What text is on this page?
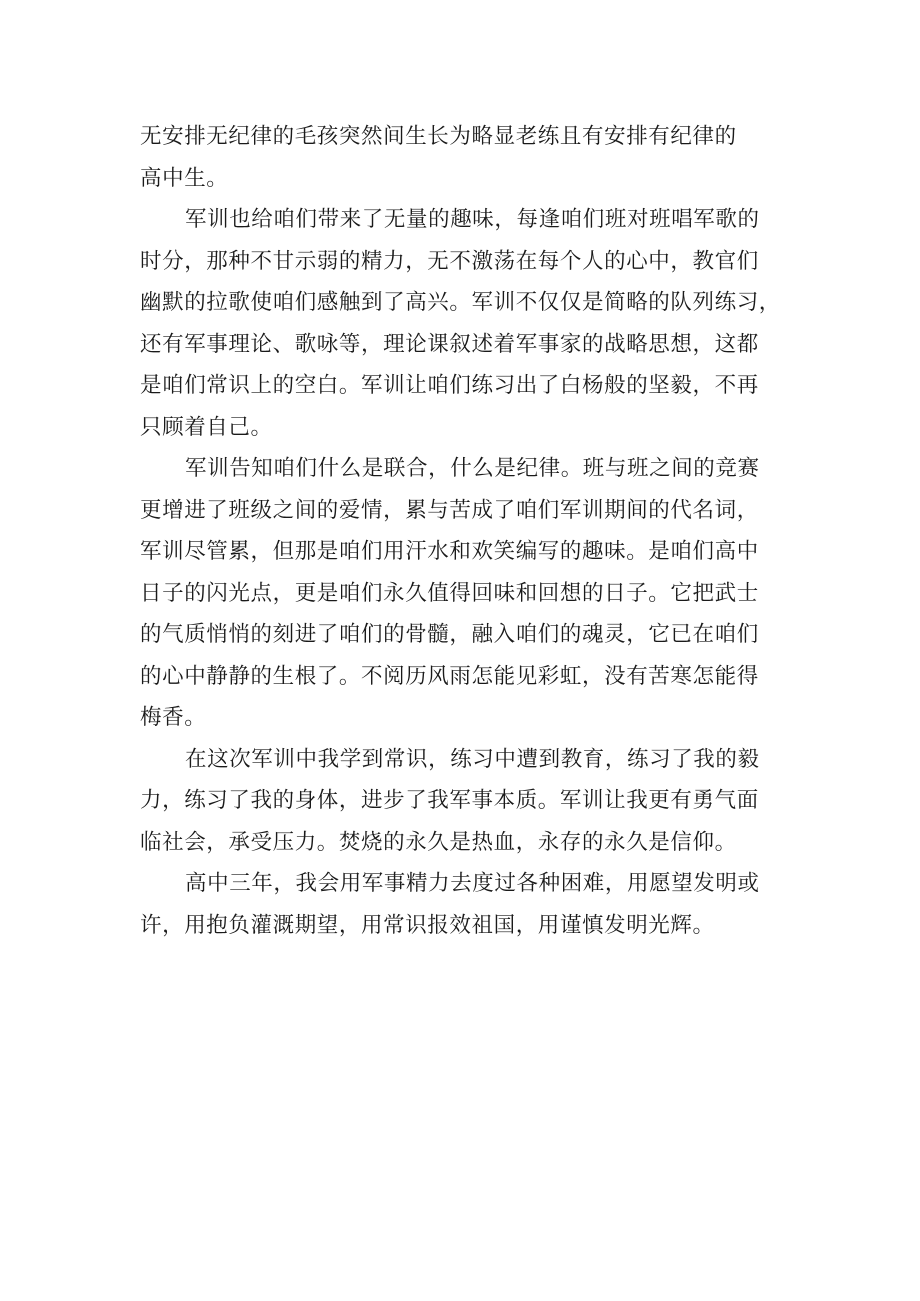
无安排无纪律的毛孩突然间生长为略显老练且有安排有纪律的
高中生。
军训也给咱们带来了无量的趣味，每逢咱们班对班唱军歌的
时分，那种不甘示弱的精力，无不激荡在每个人的心中，教官们
幽默的拉歌使咱们感触到了高兴。军训不仅仅是简略的队列练习，
还有军事理论、歌咏等，理论课叙述着军事家的战略思想，这都
是咱们常识上的空白。军训让咱们练习出了白杨般的坚毅，不再
只顾着自己。
军训告知咱们什么是联合，什么是纪律。班与班之间的竞赛
更增进了班级之间的爱情，累与苦成了咱们军训期间的代名词，
军训尽管累，但那是咱们用汗水和欢笑编写的趣味。是咱们高中
日子的闪光点，更是咱们永久值得回味和回想的日子。它把武士
的气质悄悄的刻进了咱们的骨髓，融入咱们的魂灵，它已在咱们
的心中静静的生根了。不阅历风雨怎能见彩虹，没有苦寒怎能得
梅香。
在这次军训中我学到常识，练习中遭到教育，练习了我的毅
力，练习了我的身体，进步了我军事本质。军训让我更有勇气面
临社会，承受压力。焚烧的永久是热血，永存的永久是信仰。
高中三年，我会用军事精力去度过各种困难，用愿望发明或
许，用抱负灌溉期望，用常识报效祖国，用谨慎发明光辉。
